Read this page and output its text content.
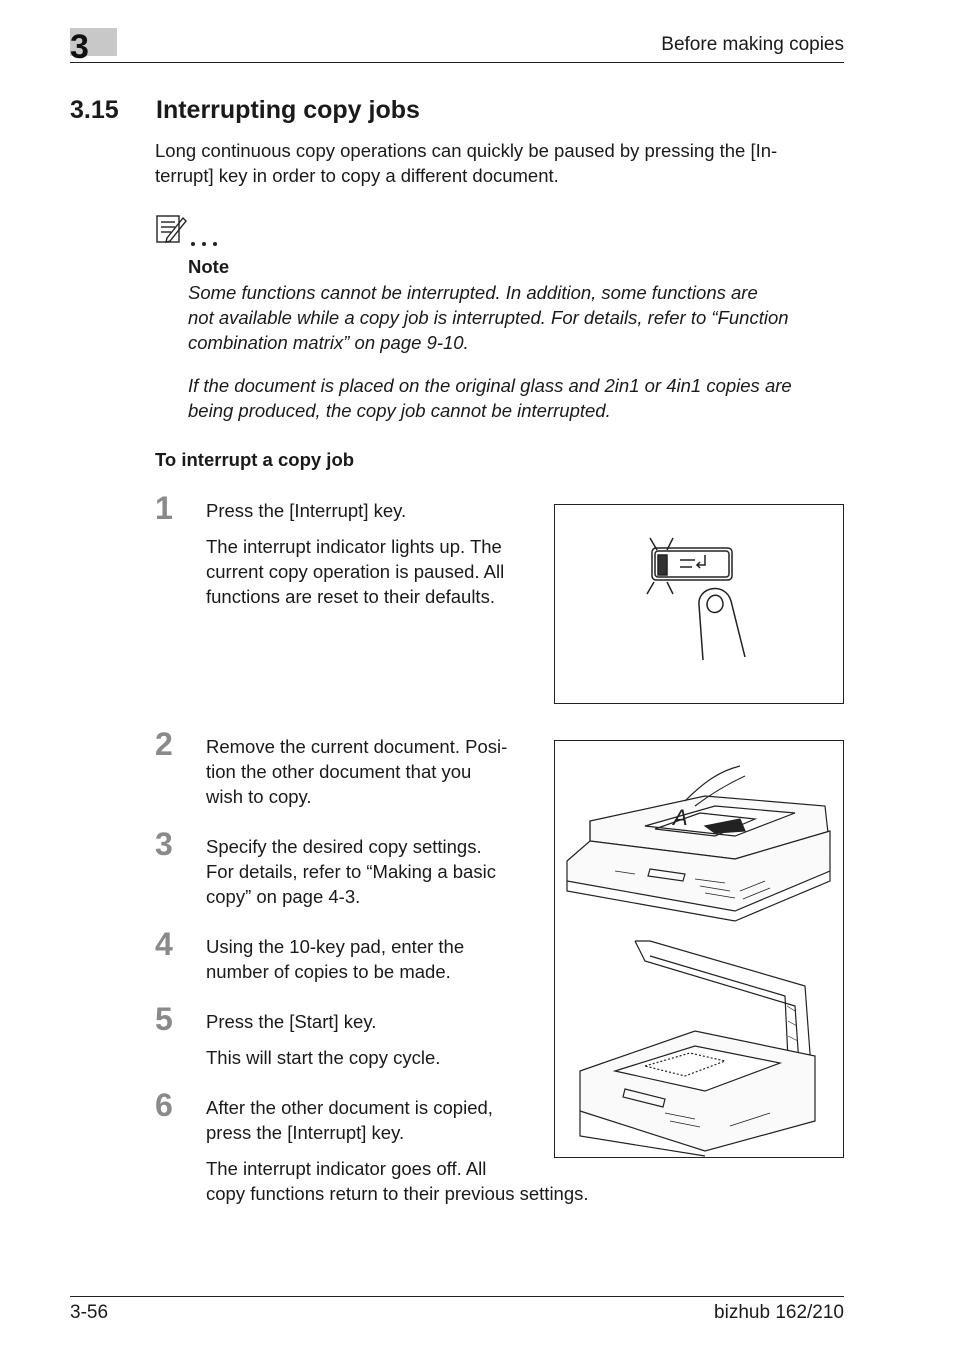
3	Before making copies
3.15 Interrupting copy jobs
Long continuous copy operations can quickly be paused by pressing the [In-
terrupt] key in order to copy a different document.
Note
Some functions cannot be interrupted. In addition, some functions are
not available while a copy job is interrupted. For details, refer to “Function
combination matrix” on page 9-10.
If the document is placed on the original glass and 2in1 or 4in1 copies are
being produced, the copy job cannot be interrupted.
To interrupt a copy job
1 Press the [Interrupt] key.
The interrupt indicator lights up. The
current copy operation is paused. All
functions are reset to their defaults.
2 Remove the current document. Posi-
tion the other document that you
wish to copy.
3 Specify the desired copy settings.
For details, refer to “Making a basic
copy” on page 4-3.
4 Using the 10-key pad, enter the
number of copies to be made.
5 Press the [Start] key.
This will start the copy cycle.
6 After the other document is copied,
press the [Interrupt] key.
The interrupt indicator goes off. All
copy functions return to their previous settings.
A
3-56	bizhub 162/210
